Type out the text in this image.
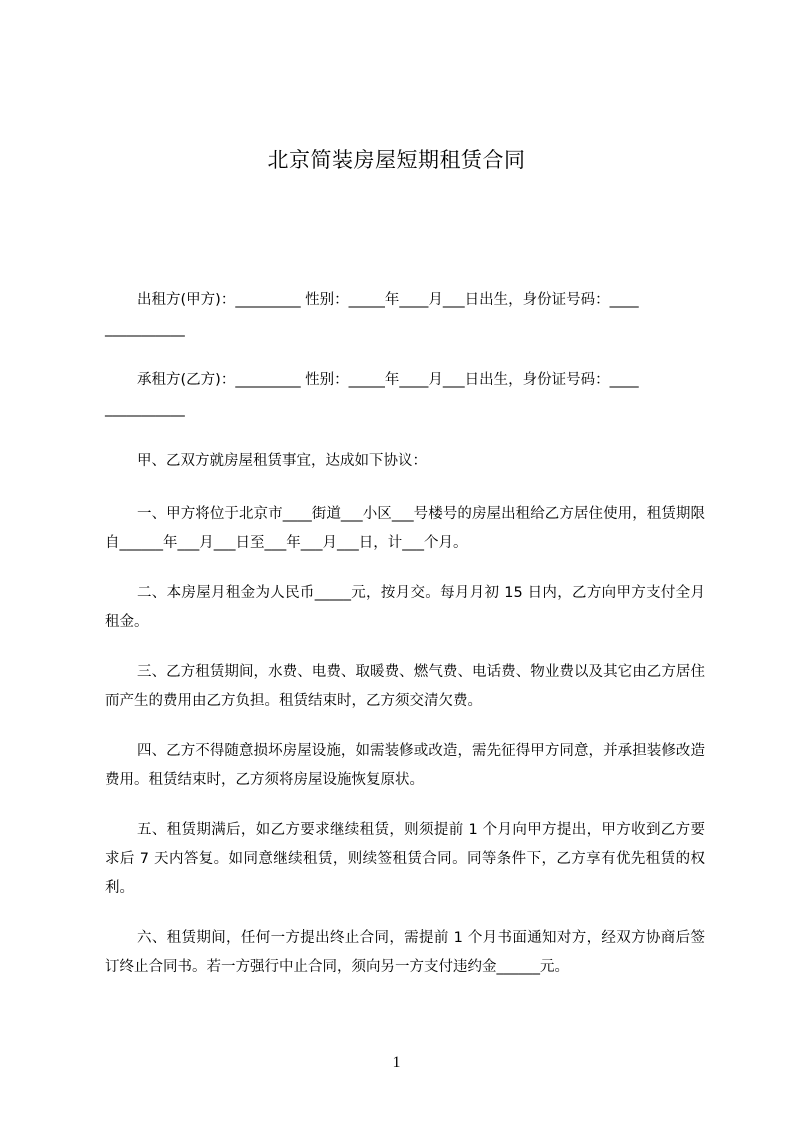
北京简装房屋短期租赁合同
出租方(甲方)：_________ 性别：_____年____月___日出生，身份证号码：____
___________
承租方(乙方)：_________ 性别：_____年____月___日出生，身份证号码：____
___________
甲、乙双方就房屋租赁事宜，达成如下协议：
一、甲方将位于北京市____街道___小区___号楼号的房屋出租给乙方居住使用，租赁期限自______年___月___日至___年___月___日，计___个月。
二、本房屋月租金为人民币_____元，按月交。每月月初 15 日内，乙方向甲方支付全月租金。
三、乙方租赁期间，水费、电费、取暖费、燃气费、电话费、物业费以及其它由乙方居住而产生的费用由乙方负担。租赁结束时，乙方须交清欠费。
四、乙方不得随意损坏房屋设施，如需装修或改造，需先征得甲方同意，并承担装修改造费用。租赁结束时，乙方须将房屋设施恢复原状。
五、租赁期满后，如乙方要求继续租赁，则须提前 1 个月向甲方提出，甲方收到乙方要求后 7 天内答复。如同意继续租赁，则续签租赁合同。同等条件下，乙方享有优先租赁的权利。
六、租赁期间，任何一方提出终止合同，需提前 1 个月书面通知对方，经双方协商后签订终止合同书。若一方强行中止合同，须向另一方支付违约金______元。
1
